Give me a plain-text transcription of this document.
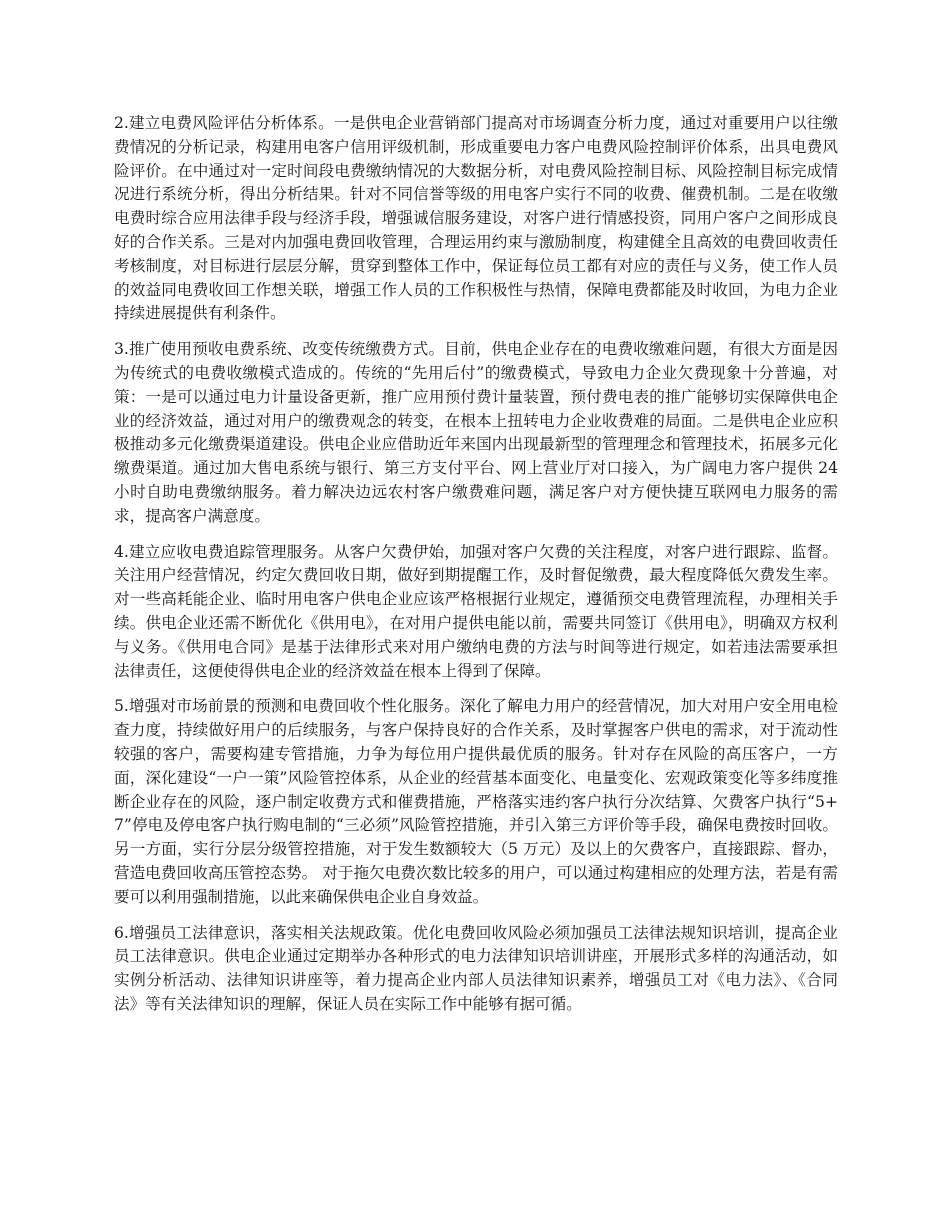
2.建立电费风险评估分析体系。一是供电企业营销部门提高对市场调查分析力度，通过对重要用户以往缴费情况的分析记录，构建用电客户信用评级机制，形成重要电力客户电费风险控制评价体系，出具电费风险评价。在中通过对一定时间段电费缴纳情况的大数据分析，对电费风险控制目标、风险控制目标完成情况进行系统分析，得出分析结果。针对不同信誉等级的用电客户实行不同的收费、催费机制。二是在收缴电费时综合应用法律手段与经济手段，增强诚信服务建设，对客户进行情感投资，同用户客户之间形成良好的合作关系。三是对内加强电费回收管理，合理运用约束与激励制度，构建健全且高效的电费回收责任考核制度，对目标进行层层分解，贯穿到整体工作中，保证每位员工都有对应的责任与义务，使工作人员的效益同电费收回工作想关联，增强工作人员的工作积极性与热情，保障电费都能及时收回，为电力企业持续进展提供有利条件。

3.推广使用预收电费系统、改变传统缴费方式。目前，供电企业存在的电费收缴难问题，有很大方面是因为传统式的电费收缴模式造成的。传统的“先用后付”的缴费模式，导致电力企业欠费现象十分普遍，对策：一是可以通过电力计量设备更新，推广应用预付费计量装置，预付费电表的推广能够切实保障供电企业的经济效益，通过对用户的缴费观念的转变，在根本上扭转电力企业收费难的局面。二是供电企业应积极推动多元化缴费渠道建设。供电企业应借助近年来国内出现最新型的管理理念和管理技术，拓展多元化缴费渠道。通过加大售电系统与银行、第三方支付平台、网上营业厅对口接入，为广阔电力客户提供 24 小时自助电费缴纳服务。着力解决边远农村客户缴费难问题，满足客户对方便快捷互联网电力服务的需求，提高客户满意度。

4.建立应收电费追踪管理服务。从客户欠费伊始，加强对客户欠费的关注程度，对客户进行跟踪、监督。关注用户经营情况，约定欠费回收日期，做好到期提醒工作，及时督促缴费，最大程度降低欠费发生率。对一些高耗能企业、临时用电客户供电企业应该严格根据行业规定，遵循预交电费管理流程，办理相关手续。供电企业还需不断优化《供用电》，在对用户提供电能以前，需要共同签订《供用电》，明确双方权利与义务。《供用电合同》是基于法律形式来对用户缴纳电费的方法与时间等进行规定，如若违法需要承担法律责任，这便使得供电企业的经济效益在根本上得到了保障。

5.增强对市场前景的预测和电费回收个性化服务。深化了解电力用户的经营情况，加大对用户安全用电检查力度，持续做好用户的后续服务，与客户保持良好的合作关系，及时掌握客户供电的需求，对于流动性较强的客户，需要构建专管措施，力争为每位用户提供最优质的服务。针对存在风险的高压客户，一方面，深化建设“一户一策”风险管控体系，从企业的经营基本面变化、电量变化、宏观政策变化等多纬度推断企业存在的风险，逐户制定收费方式和催费措施，严格落实违约客户执行分次结算、欠费客户执行“5+7”停电及停电客户执行购电制的“三必须”风险管控措施，并引入第三方评价等手段，确保电费按时回收。另一方面，实行分层分级管控措施，对于发生数额较大（5 万元）及以上的欠费客户，直接跟踪、督办，营造电费回收高压管控态势。 对于拖欠电费次数比较多的用户，可以通过构建相应的处理方法，若是有需要可以利用强制措施，以此来确保供电企业自身效益。

6.增强员工法律意识，落实相关法规政策。优化电费回收风险必须加强员工法律法规知识培训，提高企业员工法律意识。供电企业通过定期举办各种形式的电力法律知识培训讲座，开展形式多样的沟通活动，如实例分析活动、法律知识讲座等，着力提高企业内部人员法律知识素养，增强员工对《电力法》、《合同法》等有关法律知识的理解，保证人员在实际工作中能够有据可循。
